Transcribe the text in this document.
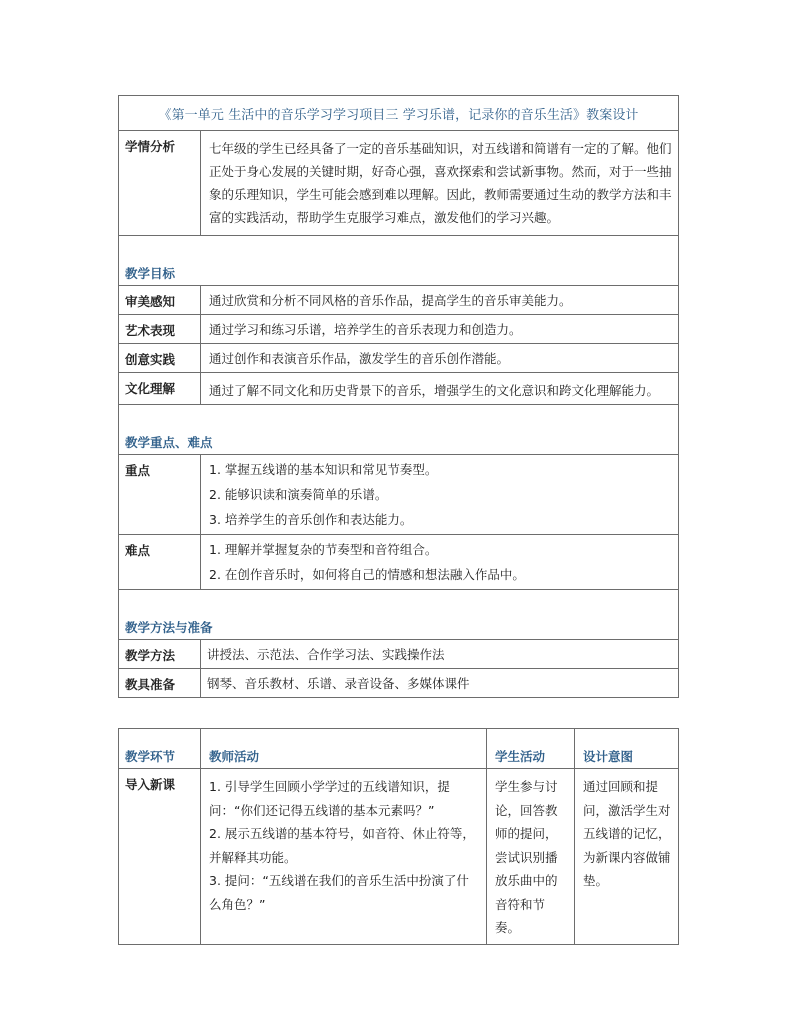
《第一单元 生活中的音乐学习学习项目三 学习乐谱，记录你的音乐生活》教案设计	
学情分析	七年级的学生已经具备了一定的音乐基础知识，对五线谱和简谱有一定的了解。他们正处于身心发展的关键时期，好奇心强，喜欢探索和尝试新事物。然而，对于一些抽象的乐理知识，学生可能会感到难以理解。因此，教师需要通过生动的教学方法和丰富的实践活动，帮助学生克服学习难点，激发他们的学习兴趣。
教学目标	
审美感知	通过欣赏和分析不同风格的音乐作品，提高学生的音乐审美能力。
艺术表现	通过学习和练习乐谱，培养学生的音乐表现力和创造力。
创意实践	通过创作和表演音乐作品，激发学生的音乐创作潜能。
文化理解	通过了解不同文化和历史背景下的音乐，增强学生的文化意识和跨文化理解能力。
教学重点、难点	
重点	1. 掌握五线谱的基本知识和常见节奏型。
2. 能够识读和演奏简单的乐谱。
3. 培养学生的音乐创作和表达能力。

难点	1. 理解并掌握复杂的节奏型和音符组合。
2. 在创作音乐时，如何将自己的情感和想法融入作品中。

教学方法与准备	
教学方法	讲授法、示范法、合作学习法、实践操作法
教具准备	钢琴、音乐教材、乐谱、录音设备、多媒体课件
教学环节	教师活动	学生活动	设计意图
导入新课	1. 引导学生回顾小学学过的五线谱知识，提问：“你们还记得五线谱的基本元素吗？”
2. 展示五线谱的基本符号，如音符、休止符等，并解释其功能。
3. 提问：“五线谱在我们的音乐生活中扮演了什么角色？”	学生参与讨论，回答教师的提问，尝试识别播放乐曲中的音符和节奏。	通过回顾和提问，激活学生对五线谱的记忆，为新课内容做铺垫。
